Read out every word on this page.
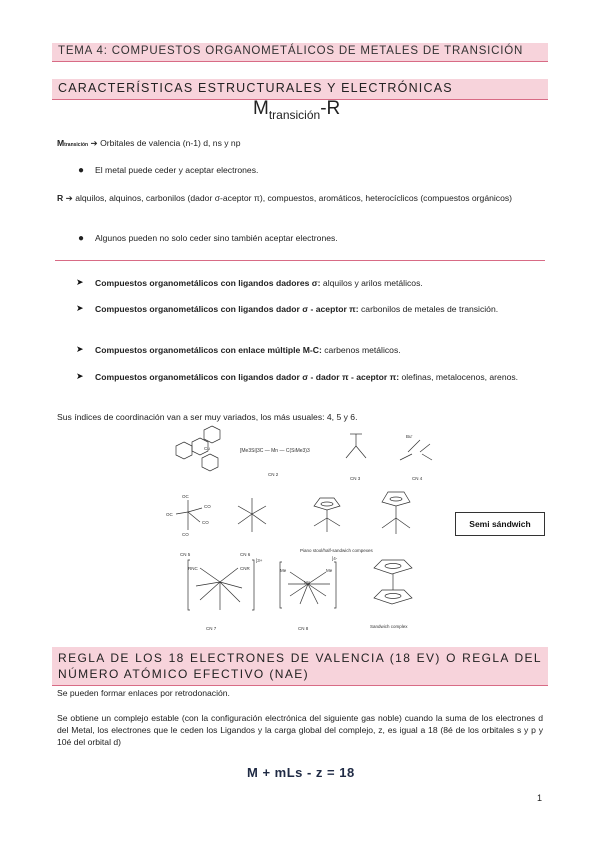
TEMA 4: COMPUESTOS ORGANOMETÁLICOS DE METALES DE TRANSICIÓN
CARACTERÍSTICAS ESTRUCTURALES Y ELECTRÓNICAS
$M_{transición}-R$
Mtransición ➔ Orbitales de valencia (n-1) d, ns y np
● El metal puede ceder y aceptar electrones.
R ➔ alquilos, alquinos, carbonilos (dador σ-aceptor π), compuestos, aromáticos, heterocíclicos (compuestos orgánicos)
● Algunos pueden no solo ceder sino también aceptar electrones.
➤ Compuestos organometálicos con ligandos dadores σ: alquilos y arilos metálicos.
➤ Compuestos organometálicos con ligandos dador σ - aceptor π: carbonilos de metales de transición.
➤ Compuestos organometálicos con enlace múltiple M-C: carbenos metálicos.
➤ Compuestos organometálicos con ligandos dador σ - dador π - aceptor π: olefinas, metalocenos, arenos.
Sus índices de coordinación van a ser muy variados, los más usuales: 4, 5 y 6.
Cu	[Me3Si]3C — Mn — C(SiMe3)3
CN 2
CN 3	CN 4
Bu'
CN 5	CN 6
Piano stool/half-sandwich compexes
CN 7	CN 8	Sandwich complex
OC
CO
CO
OC
CO
RNC	CNR	Me	Me
Mo
]4-
]3+
Semi sándwich
REGLA DE LOS 18 ELECTRONES DE VALENCIA (18 EV) O REGLA DEL NÚMERO ATÓMICO EFECTIVO (NAE)
Se pueden formar enlaces por retrodonación.
Se obtiene un complejo estable (con la configuración electrónica del siguiente gas noble) cuando la suma de los electrones d del Metal, los electrones que le ceden los Ligandos y la carga global del complejo, z, es igual a 18 (8é de los orbitales s y p y 10é del orbital d)
M + mLs - z = 18
1
